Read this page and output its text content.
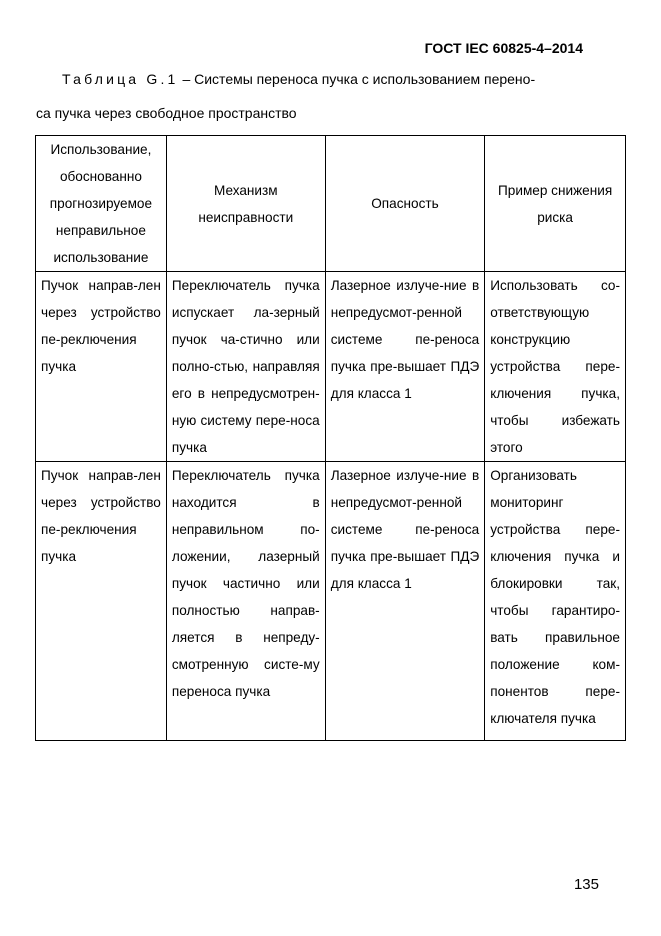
ГОСТ IEC 60825-4–2014
Таблица G.1 – Системы переноса пучка с использованием перено-
са пучка через свободное пространство
Использование, обоснованно прогнозируемое неправильное использование	Механизм неисправности	Опасность	Пример снижения риска
Пучок направ-лен через устройство пе-реключения пучка	Переключатель пучка испускает ла-зерный пучок ча-стично или полно-стью, направляя его в непредусмотрен-ную систему пере-носа пучка	Лазерное излуче-ние в непредусмот-ренной системе пе-реноса пучка пре-вышает ПДЭ для класса 1	Использовать со-ответствующую конструкцию устройства пере-ключения пучка, чтобы избежать этого
Пучок направ-лен через устройство пе-реключения пучка	Переключатель пучка находится в неправильном по-ложении, лазерный пучок частично или полностью направ-ляется в непреду-смотренную систе-му переноса пучка	Лазерное излуче-ние в непредусмот-ренной системе пе-реноса пучка пре-вышает ПДЭ для класса 1	Организовать мониторинг устройства пере-ключения пучка и блокировки так, чтобы гарантиро-вать правильное положение ком-понентов пере-ключателя пучка
135
